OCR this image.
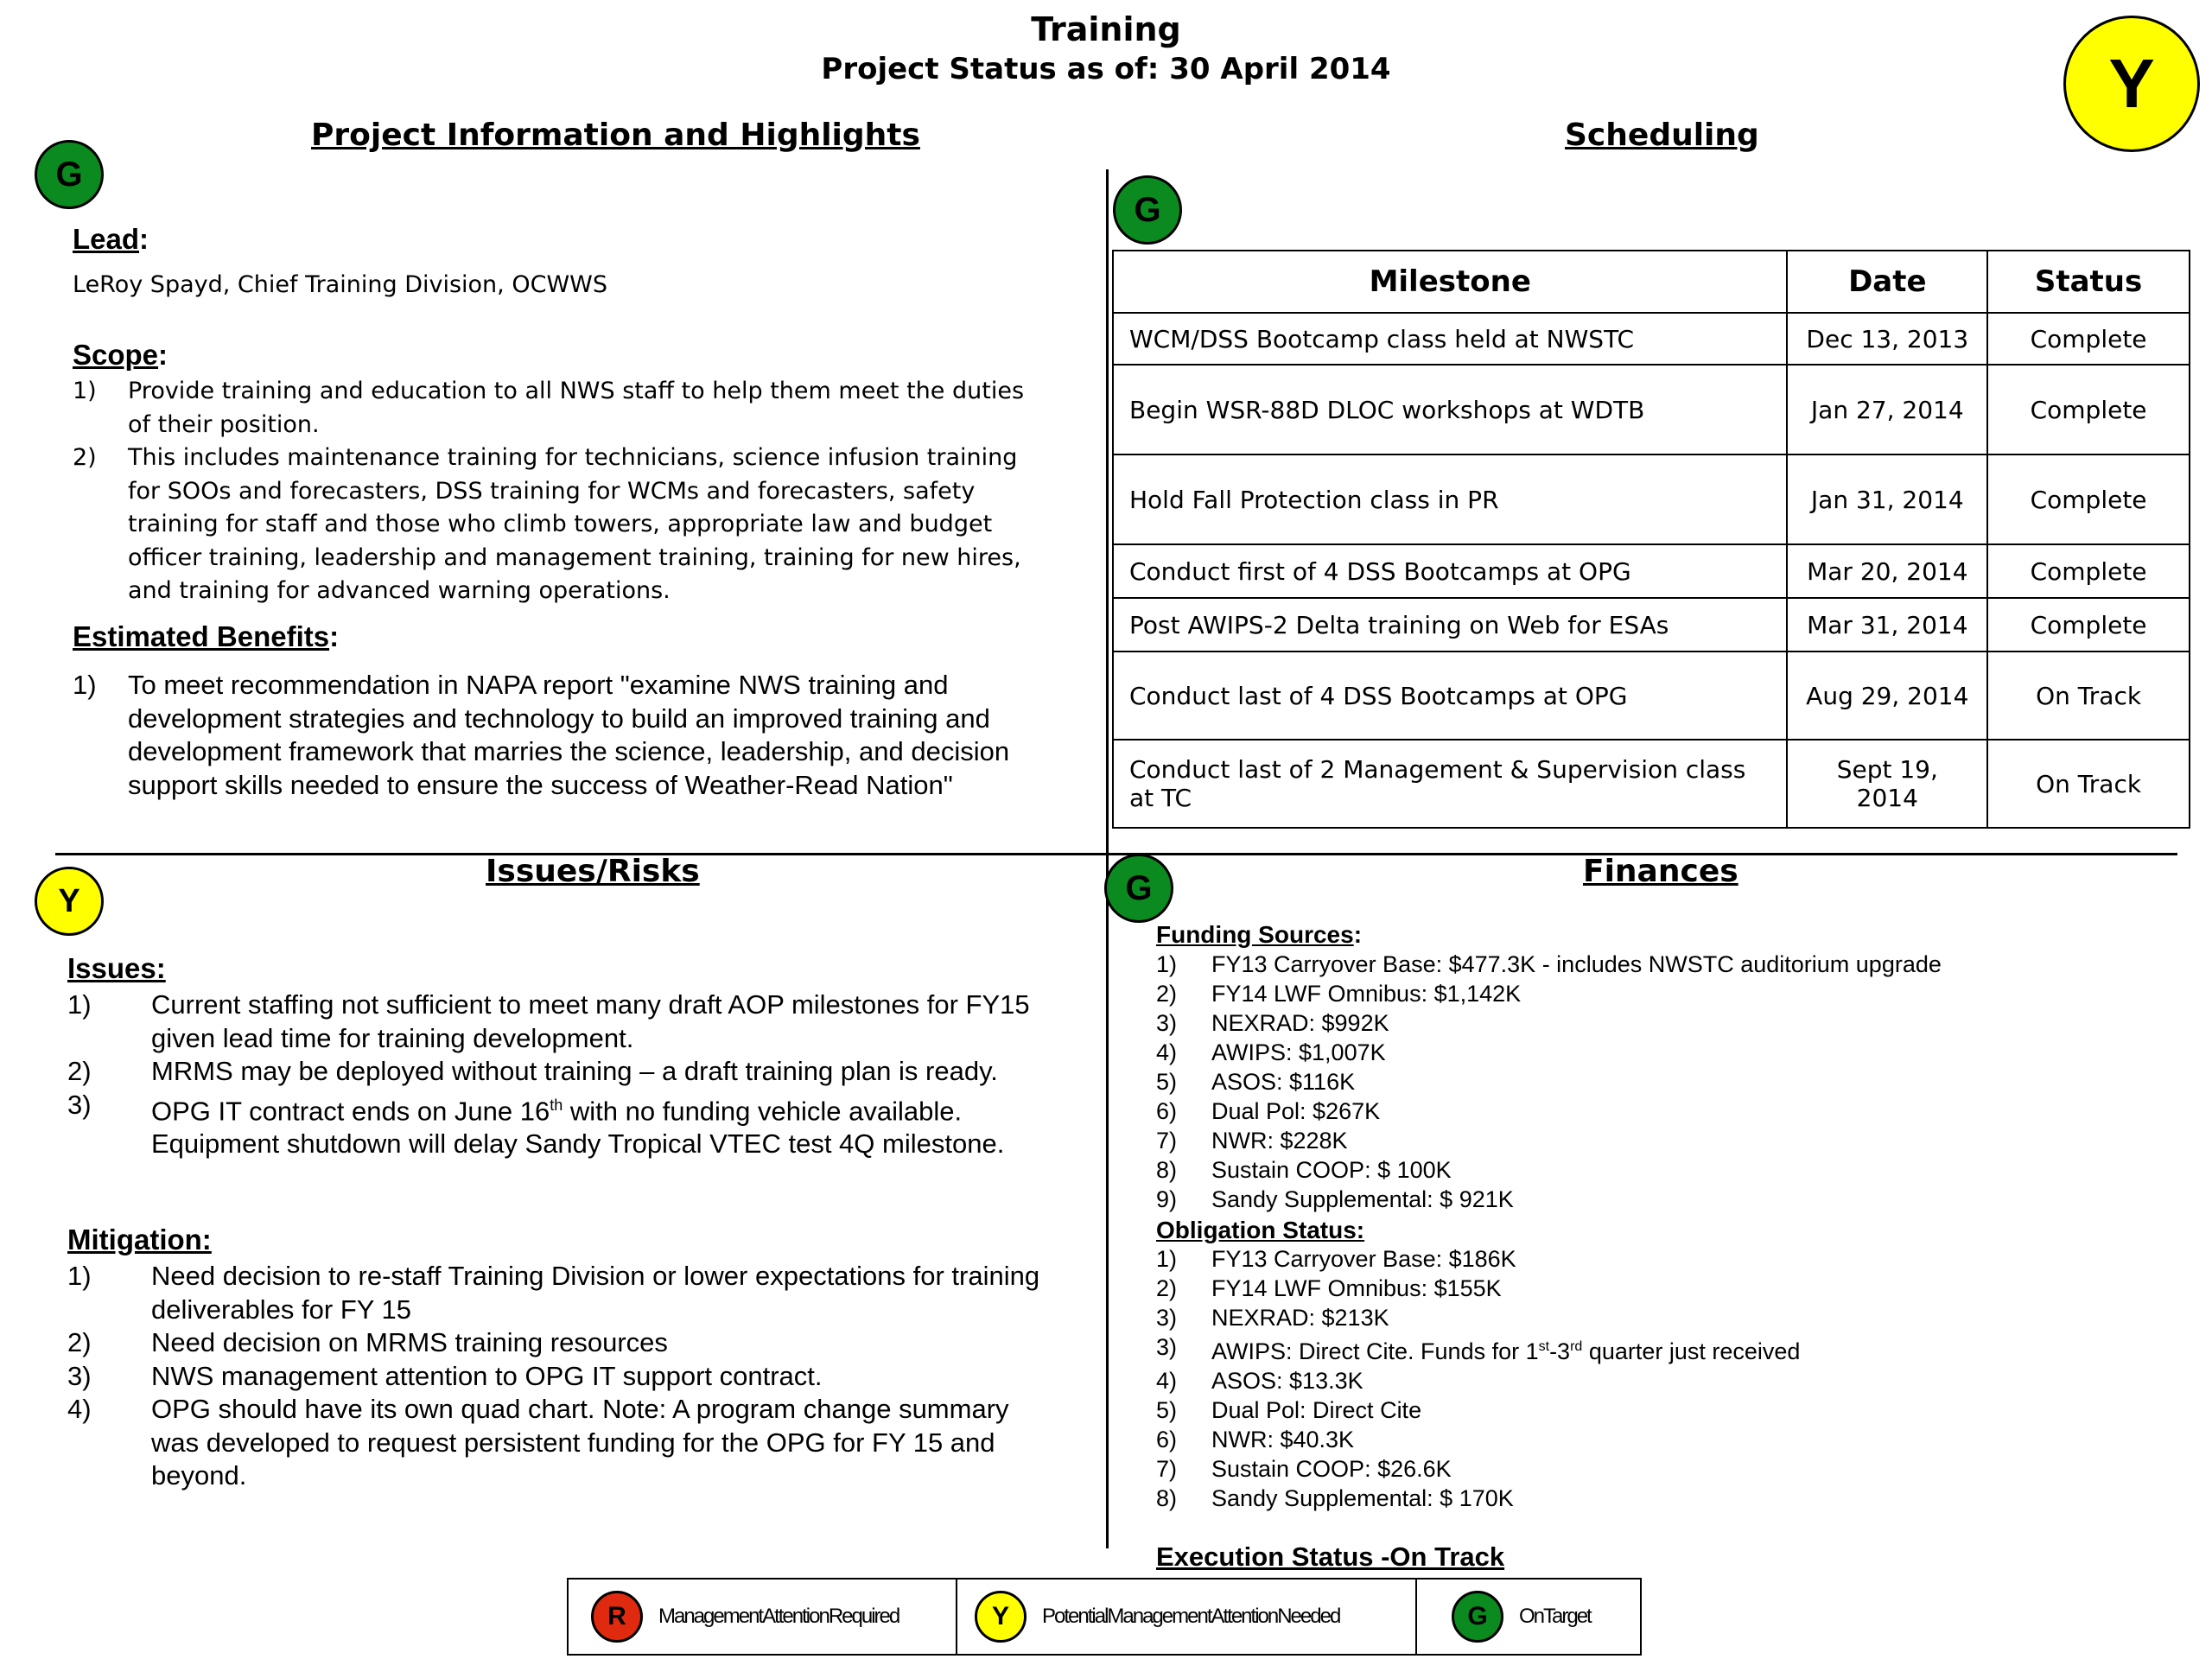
Training
Project Status as of: 30 April 2014	Y
Project Information and Highlights
G
Lead:
LeRoy Spayd, Chief Training Division, OCWWS
Scope:
1) Provide training and education to all NWS staff to help them meet the duties of their position.
2) This includes maintenance training for technicians, science infusion training for SOOs and forecasters, DSS training for WCMs and forecasters, safety training for staff and those who climb towers, appropriate law and budget officer training, leadership and management training, training for new hires, and training for advanced warning operations.
Estimated Benefits:
1) To meet recommendation in NAPA report "examine NWS training and development strategies and technology to build an improved training and development framework that marries the science, leadership, and decision support skills needed to ensure the success of Weather-Read Nation"
Scheduling
G
Milestone	Date	Status
WCM/DSS Bootcamp class held at NWSTC	Dec 13, 2013	Complete
Begin WSR-88D DLOC workshops at WDTB	Jan 27, 2014	Complete
Hold Fall Protection class in PR	Jan 31, 2014	Complete
Conduct first of 4 DSS Bootcamps at OPG	Mar 20, 2014	Complete
Post AWIPS-2 Delta training on Web for ESAs	Mar 31, 2014	Complete
Conduct last of 4 DSS Bootcamps at OPG	Aug 29, 2014	On Track
Conduct last of 2 Management & Supervision class at TC	Sept 19, 2014	On Track
Issues/Risks
Y
Issues:
1) Current staffing not sufficient to meet many draft AOP milestones for FY15 given lead time for training development.
2) MRMS may be deployed without training – a draft training plan is ready.
3) OPG IT contract ends on June 16th with no funding vehicle available. Equipment shutdown will delay Sandy Tropical VTEC test 4Q milestone.
Mitigation:
1) Need decision to re-staff Training Division or lower expectations for training deliverables for FY 15
2) Need decision on MRMS training resources
3) NWS management attention to OPG IT support contract.
4) OPG should have its own quad chart. Note: A program change summary was developed to request persistent funding for the OPG for FY 15 and beyond.
Finances
G
Funding Sources:
1) FY13 Carryover Base: $477.3K - includes NWSTC auditorium upgrade
2) FY14 LWF Omnibus: $1,142K
3) NEXRAD: $992K
4) AWIPS: $1,007K
5) ASOS: $116K
6) Dual Pol: $267K
7) NWR: $228K
8) Sustain COOP: $ 100K
9) Sandy Supplemental: $ 921K
Obligation Status:
1) FY13 Carryover Base: $186K
2) FY14 LWF Omnibus: $155K
3) NEXRAD: $213K
3) AWIPS: Direct Cite. Funds for 1st-3rd quarter just received
4) ASOS: $13.3K
5) Dual Pol: Direct Cite
6) NWR: $40.3K
7) Sustain COOP: $26.6K
8) Sandy Supplemental: $ 170K
Execution Status -On Track
R	ManagementAttentionRequired	Y	PotentialManagementAttentionNeeded	G	OnTarget
